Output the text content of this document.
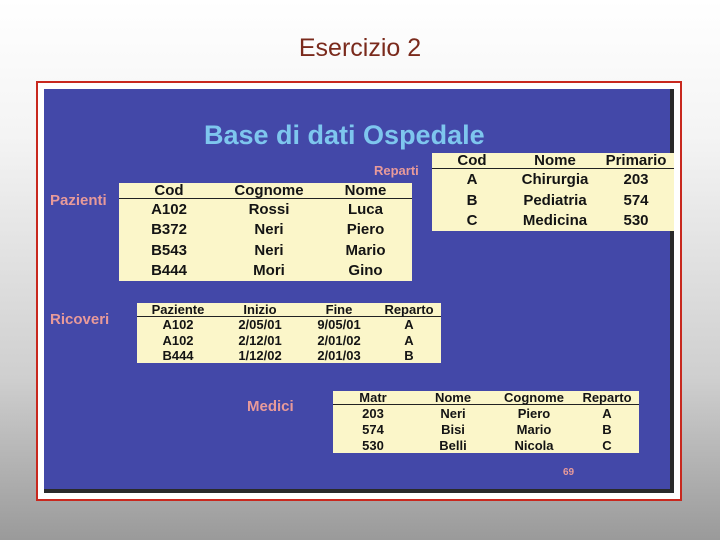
Esercizio 2
Base di dati Ospedale
Reparti
Cod	Nome	Primario
A	Chirurgia	203
B	Pediatria	574
C	Medicina	530
Pazienti
Cod	Cognome	Nome
A102	Rossi	Luca
B372	Neri	Piero
B543	Neri	Mario
B444	Mori	Gino
Ricoveri
Paziente	Inizio	Fine	Reparto
A102	2/05/01	9/05/01	A
A102	2/12/01	2/01/02	A
B444	1/12/02	2/01/03	B
Medici
Matr	Nome	Cognome	Reparto
203	Neri	Piero	A
574	Bisi	Mario	B
530	Belli	Nicola	C
69
